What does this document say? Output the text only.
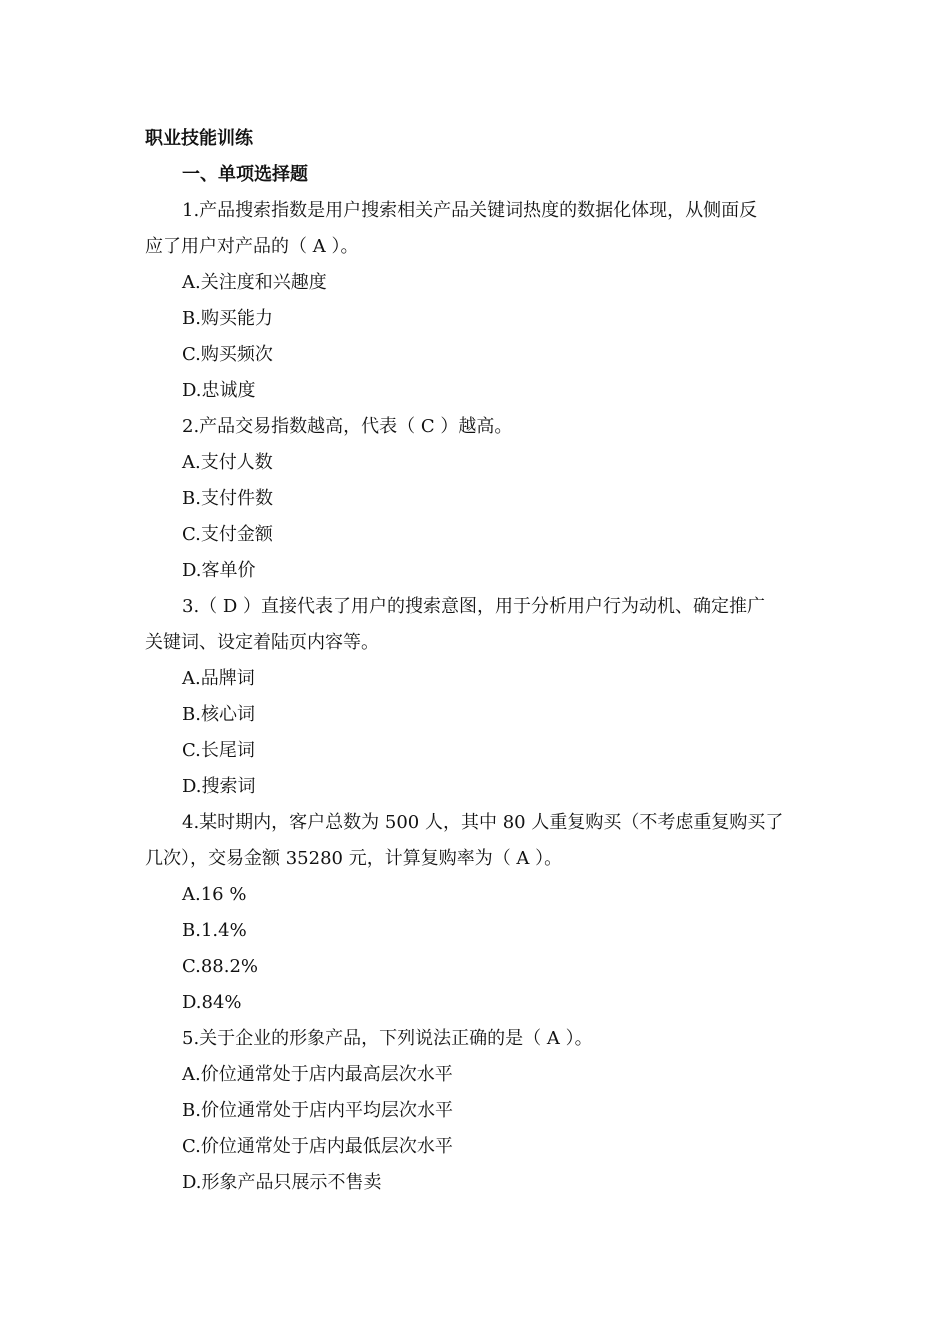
职业技能训练
一、单项选择题
1.产品搜索指数是用户搜索相关产品关键词热度的数据化体现，从侧面反
应了用户对产品的（ A ）。
A.关注度和兴趣度
B.购买能力
C.购买频次
D.忠诚度
2.产品交易指数越高，代表（ C ）越高。
A.支付人数
B.支付件数
C.支付金额
D.客单价
3.（ D ）直接代表了用户的搜索意图，用于分析用户行为动机、确定推广
关键词、设定着陆页内容等。
A.品牌词
B.核心词
C.长尾词
D.搜索词
4.某时期内，客户总数为 500 人，其中 80 人重复购买（不考虑重复购买了
几次），交易金额 35280 元，计算复购率为（ A ）。
A.16 %
B.1.4%
C.88.2%
D.84%
5.关于企业的形象产品，下列说法正确的是（ A ）。
A.价位通常处于店内最高层次水平
B.价位通常处于店内平均层次水平
C.价位通常处于店内最低层次水平
D.形象产品只展示不售卖
